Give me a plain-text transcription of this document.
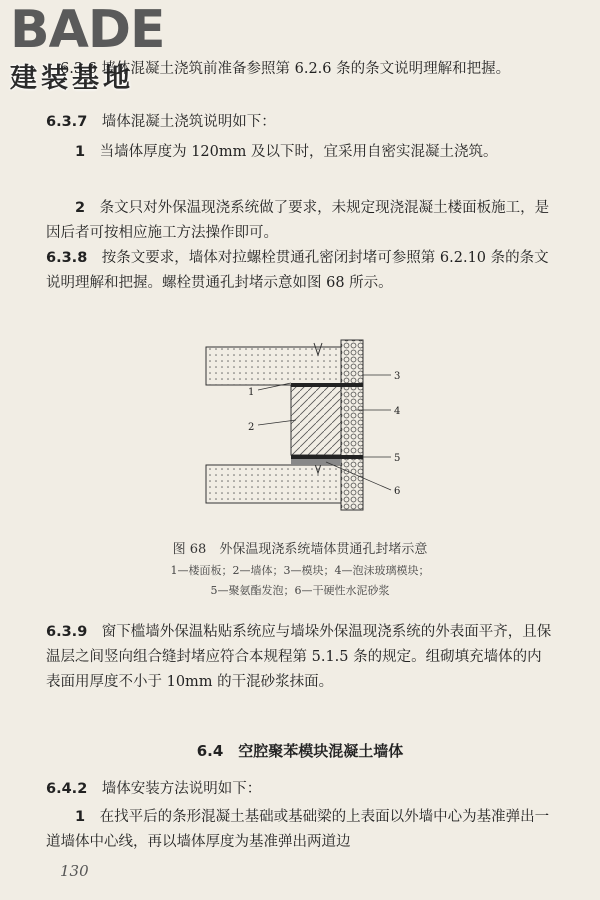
BADE
建装基地
6.3.6 墙体混凝土浇筑前准备参照第 6.2.6 条的条文说明理解和把握。
6.3.7　 墙体混凝土浇筑说明如下：
1　 当墙体厚度为 120mm 及以下时，宜采用自密实混凝土浇筑。
2　 条文只对外保温现浇系统做了要求，未规定现浇混凝土楼面板施工，是因后者可按相应施工方法操作即可。
6.3.8　 按条文要求，墙体对拉螺栓贯通孔密闭封堵可参照第 6.2.10 条的条文说明理解和把握。螺栓贯通孔封堵示意如图 68 所示。
1
2
3
4
5
6
图 68　外保温现浇系统墙体贯通孔封堵示意
1—楼面板；2—墙体；3—模块；4—泡沫玻璃模块；
5—聚氨酯发泡；6—干硬性水泥砂浆
6.3.9　 窗下槛墙外保温粘贴系统应与墙垛外保温现浇系统的外表面平齐，且保温层之间竖向组合缝封堵应符合本规程第 5.1.5 条的规定。组砌填充墙体的内表面用厚度不小于 10mm 的干混砂浆抹面。
6.4　空腔聚苯模块混凝土墙体
6.4.2　 墙体安装方法说明如下：
1　 在找平后的条形混凝土基础或基础梁的上表面以外墙中心为基准弹出一道墙体中心线，再以墙体厚度为基准弹出两道边
130
